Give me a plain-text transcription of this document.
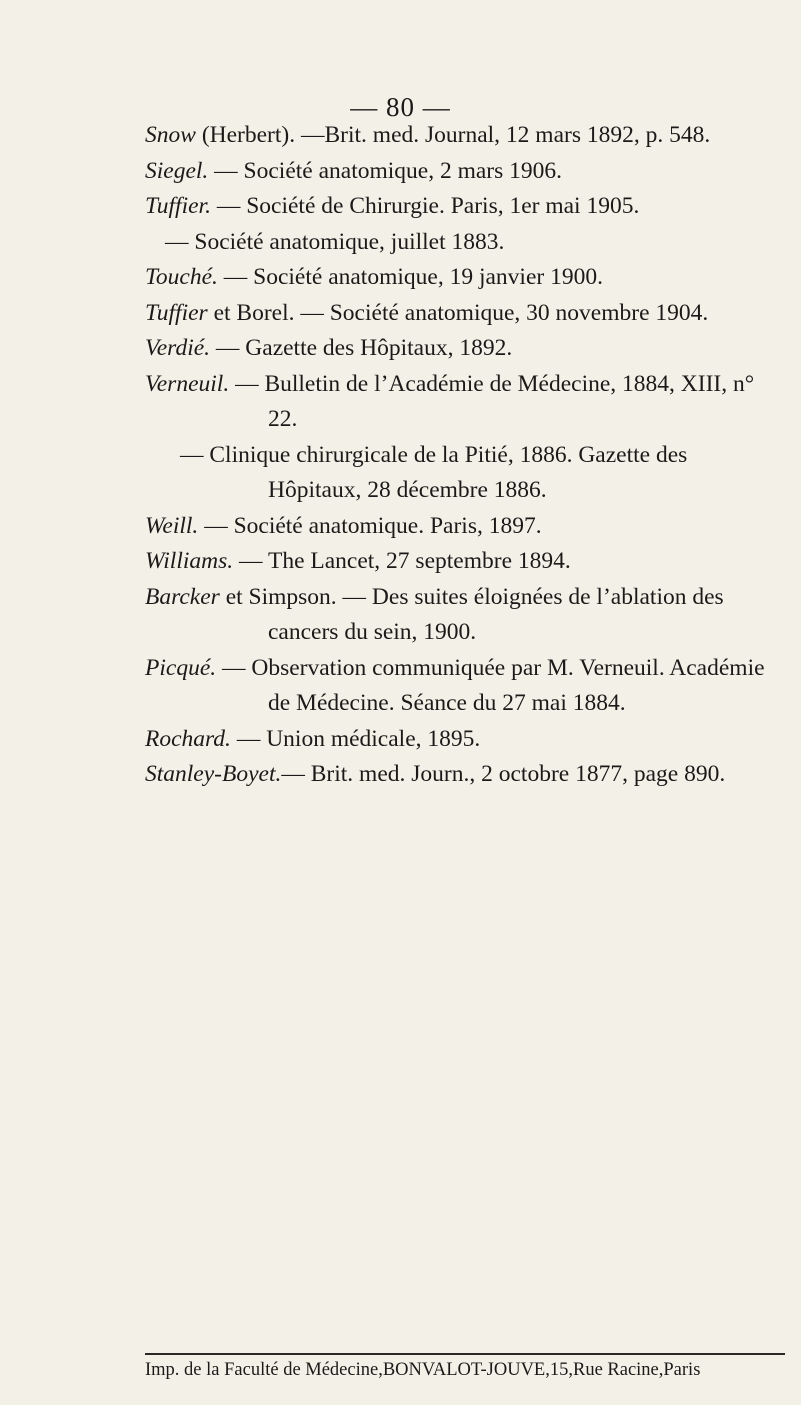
— 80 —

Snow (Herbert). —Brit. med. Journal, 12 mars 1892, p. 548.

Siegel. — Société anatomique, 2 mars 1906.

Tuffier. — Société de Chirurgie. Paris, 1er mai 1905.

— Société anatomique, juillet 1883.

Touché. — Société anatomique, 19 janvier 1900.

Tuffier et Borel. — Société anatomique, 30 novembre 1904.

Verdié. — Gazette des Hôpitaux, 1892.

Verneuil. — Bulletin de l’Académie de Médecine, 1884, XIII, n° 22.

— Clinique chirurgicale de la Pitié, 1886. Gazette des Hôpitaux, 28 décembre 1886.

Weill. — Société anatomique. Paris, 1897.

Williams. — The Lancet, 27 septembre 1894.

Barcker et Simpson. — Des suites éloignées de l’ablation des cancers du sein, 1900.

Picqué. — Observation communiquée par M. Verneuil. Académie de Médecine. Séance du 27 mai 1884.

Rochard. — Union médicale, 1895.

Stanley-Boyet.— Brit. med. Journ., 2 octobre 1877, page 890.

Imp. de la Faculté de Médecine,BONVALOT-JOUVE,15,Rue Racine,Paris
